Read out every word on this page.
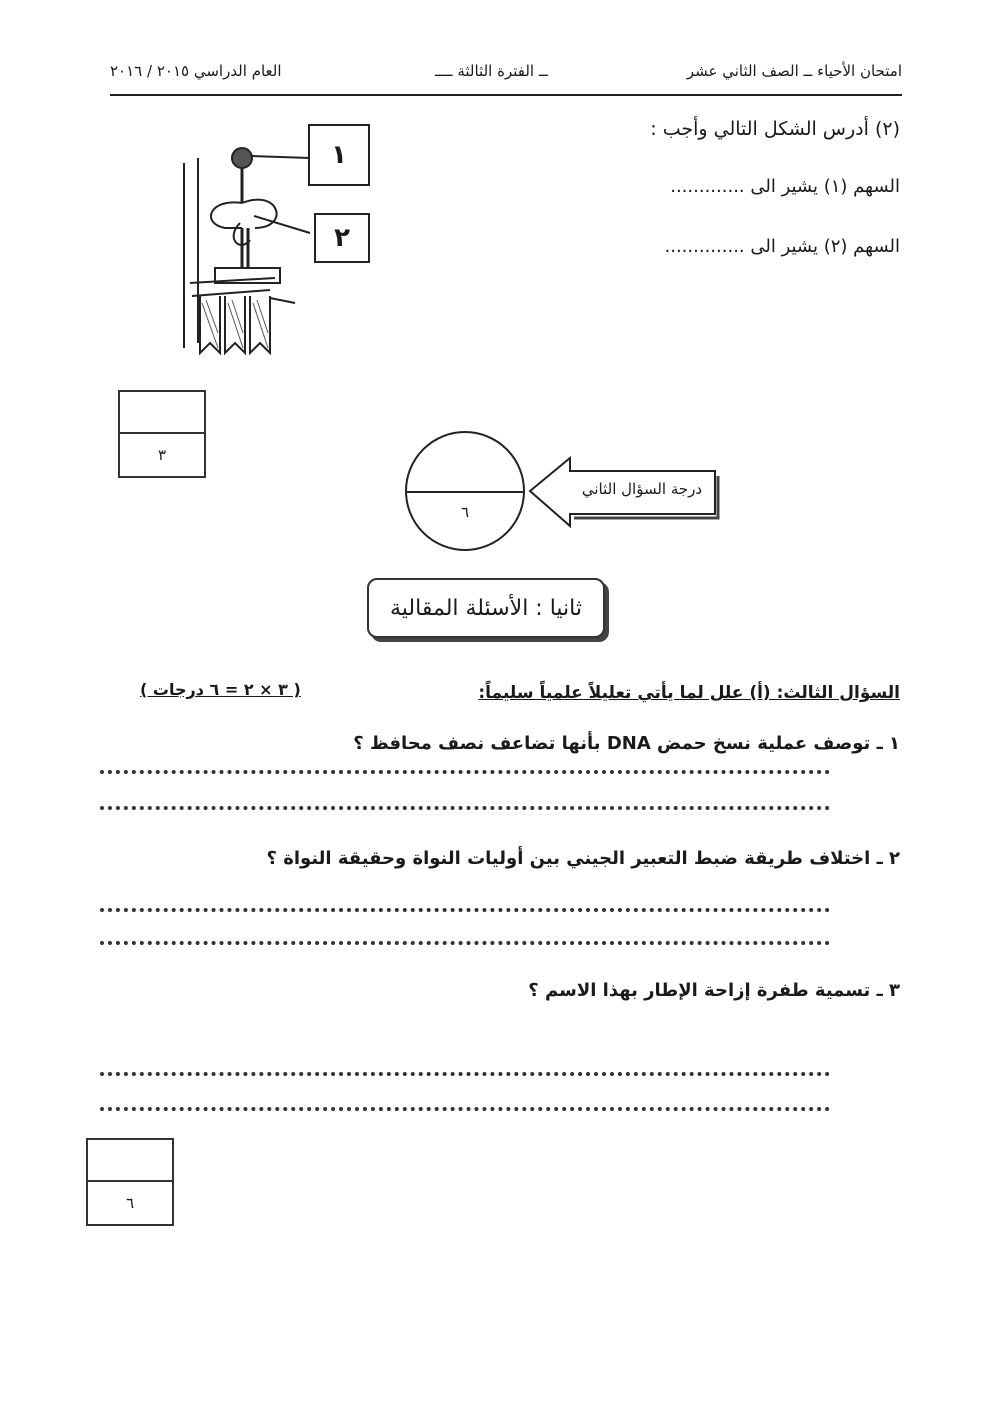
امتحان الأحياء ــ الصف الثاني عشر
ــ الفترة الثالثة ــــ
العام الدراسي ٢٠١٥ / ٢٠١٦
(٢) أدرس الشكل التالي وأجب :
السهم (١) يشير الى .............
السهم (٢) يشير الى ..............
١
٢
٣
٦
درجة السؤال الثاني
ثانيا : الأسئلة المقالية
السؤال الثالث: (أ) علل لما يأتي تعليلاً علمياً سليماً:
( ٣ × ٢ = ٦ درجات )
١ ـ توصف عملية نسخ حمض DNA بأنها تضاعف نصف محافظ ؟
٢ ـ اختلاف طريقة ضبط التعبير الجيني بين أوليات النواة وحقيقة النواة ؟
٣ ـ تسمية طفرة إزاحة الإطار بهذا الاسم ؟
٦
